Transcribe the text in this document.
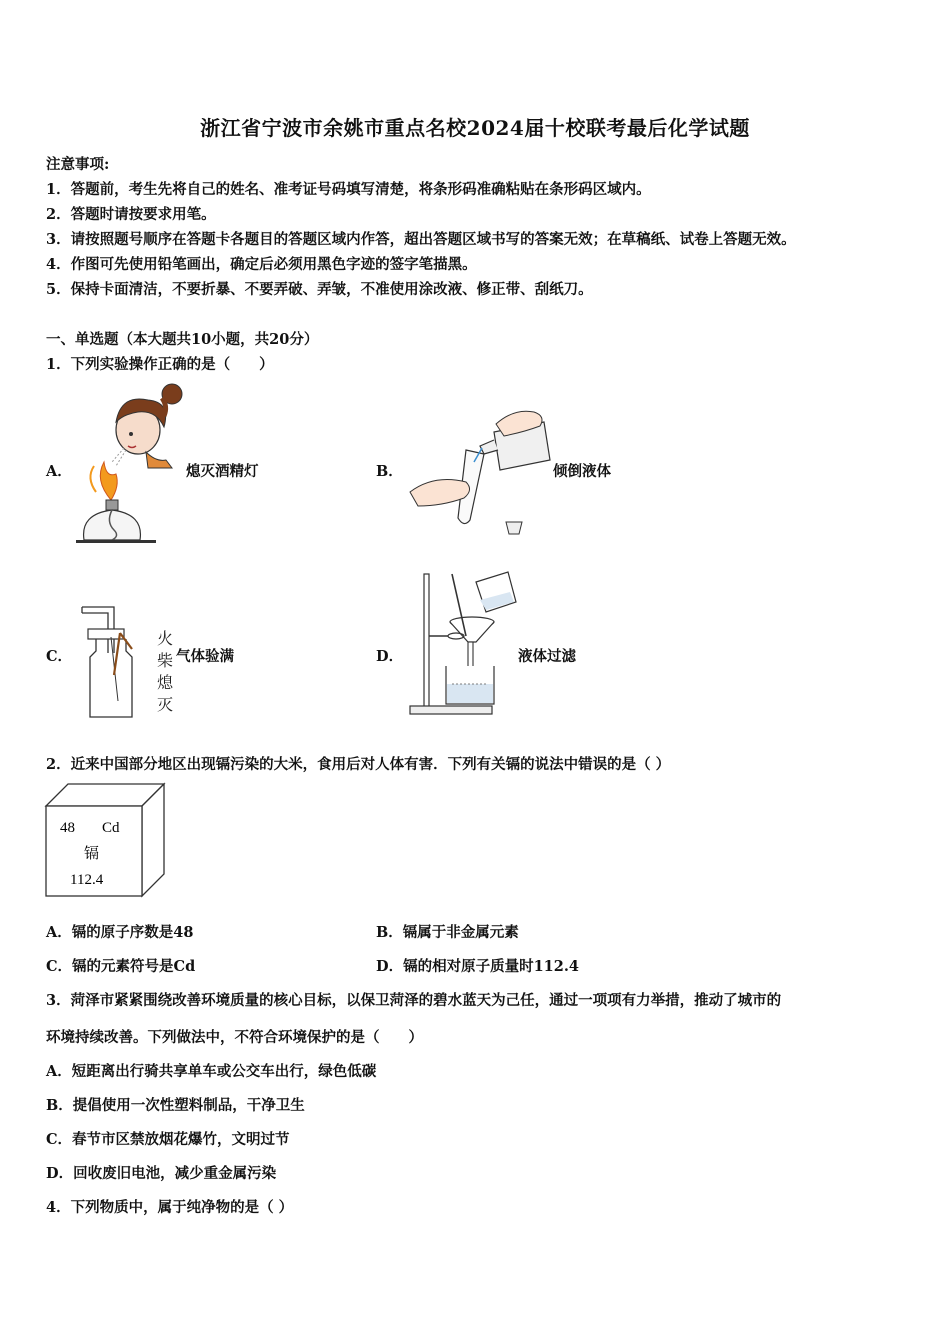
浙江省宁波市余姚市重点名校2024届十校联考最后化学试题
注意事项:
1．答题前，考生先将自己的姓名、准考证号码填写清楚，将条形码准确粘贴在条形码区域内。
2．答题时请按要求用笔。
3．请按照题号顺序在答题卡各题目的答题区域内作答，超出答题区域书写的答案无效；在草稿纸、试卷上答题无效。
4．作图可先使用铅笔画出，确定后必须用黑色字迹的签字笔描黑。
5．保持卡面清洁，不要折暴、不要弄破、弄皱，不准使用涂改液、修正带、刮纸刀。
一、单选题（本大题共10小题，共20分）
1．下列实验操作正确的是（　　）
A．	熄灭酒精灯	B．	倾倒液体
C．
火
柴
熄
灭
气体验满	D．	液体过滤
2．近来中国部分地区出现镉污染的大米，食用后对人体有害．下列有关镉的说法中错误的是（ ）
48 Cd
镉
112.4
A．镉的原子序数是48	B．镉属于非金属元素
C．镉的元素符号是Cd	D．镉的相对原子质量时112.4
3．菏泽市紧紧围绕改善环境质量的核心目标，以保卫菏泽的碧水蓝天为己任，通过一项项有力举措，推动了城市的
环境持续改善。下列做法中，不符合环境保护的是（　　）
A．短距离出行骑共享单车或公交车出行，绿色低碳
B．提倡使用一次性塑料制品，干净卫生
C．春节市区禁放烟花爆竹，文明过节
D．回收废旧电池，减少重金属污染
4．下列物质中，属于纯净物的是（ ）
